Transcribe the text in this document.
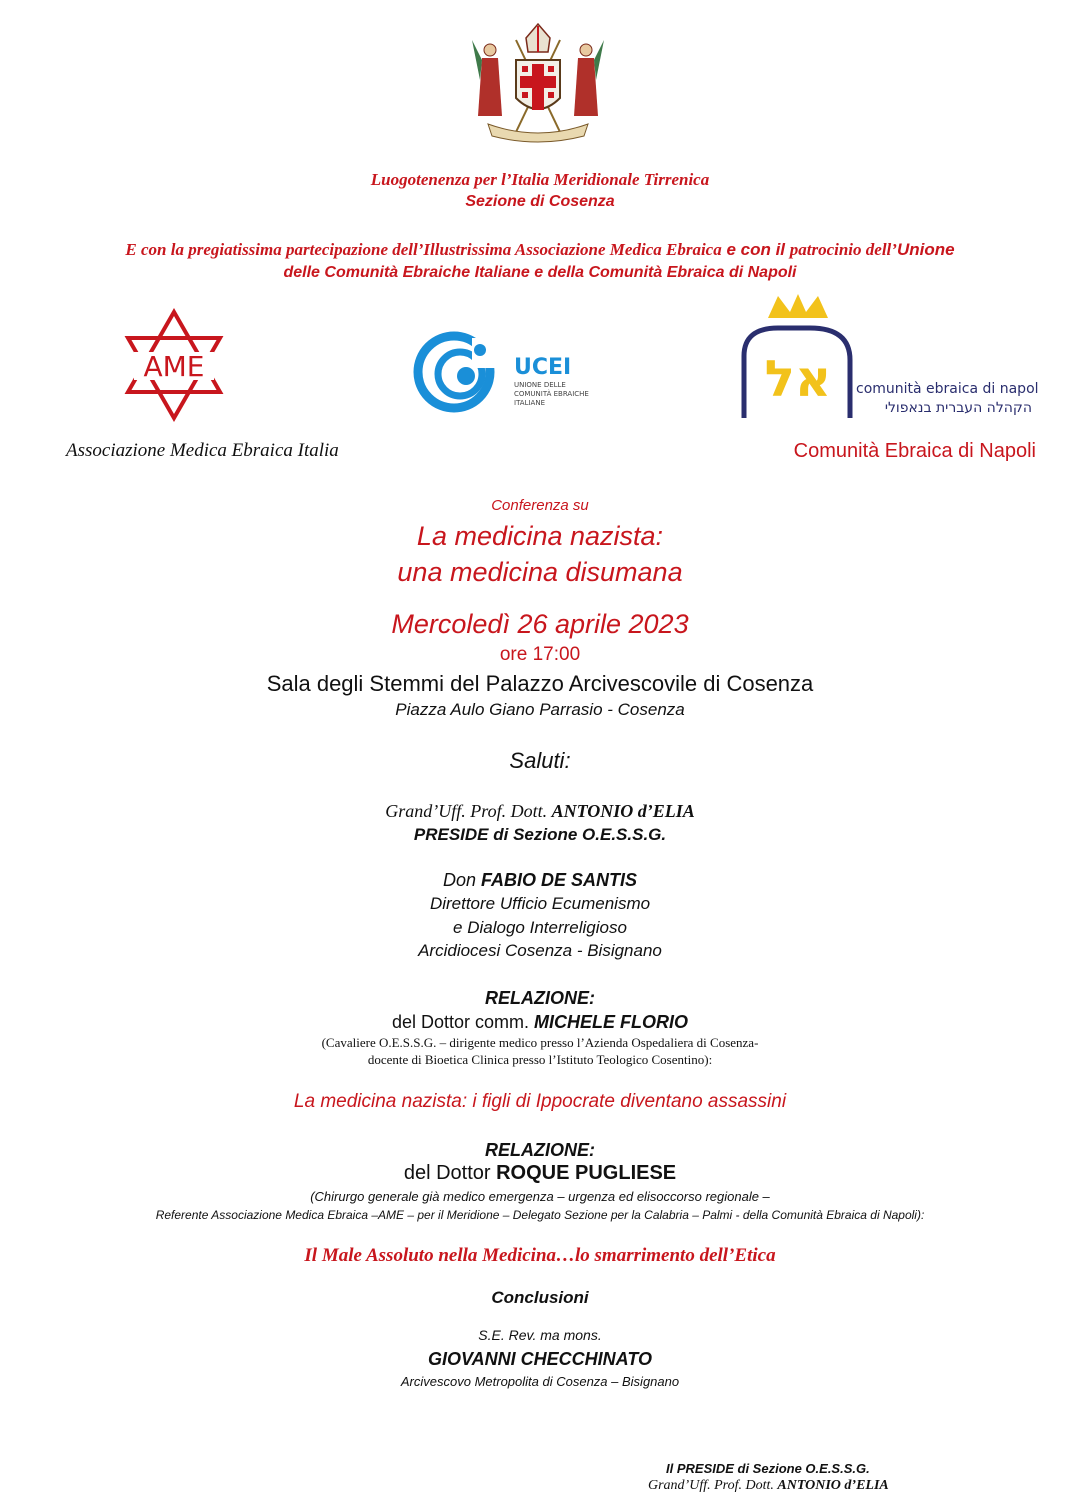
Luogotenenza per l’Italia Meridionale Tirrenica
Sezione di Cosenza
E con la pregiatissima partecipazione dell’Illustrissima Associazione Medica Ebraica e con il patrocinio dell’Unione
delle Comunità Ebraiche Italiane e della Comunità Ebraica di Napoli
AME
Associazione Medica Ebraica Italia
UCEI
UNIONE DELLE
COMUNITÀ EBRAICHE
ITALIANE	אל comunità ebraica di napoli
הקהלה העברית בנאפולי
Comunità Ebraica di Napoli
Conferenza su
La medicina nazista:
una medicina disumana
Mercoledì 26 aprile 2023
ore 17:00
Sala degli Stemmi del Palazzo Arcivescovile di Cosenza
Piazza Aulo Giano Parrasio - Cosenza
Saluti:
Grand’Uff. Prof. Dott. ANTONIO d’ELIA
PRESIDE di Sezione O.E.S.S.G.
Don FABIO DE SANTIS
Direttore Ufficio Ecumenismo
e Dialogo Interreligioso
Arcidiocesi Cosenza - Bisignano
RELAZIONE:
del Dottor comm. MICHELE FLORIO
(Cavaliere O.E.S.S.G. – dirigente medico presso l’Azienda Ospedaliera di Cosenza-
docente di Bioetica Clinica presso l’Istituto Teologico Cosentino):
La medicina nazista: i figli di Ippocrate diventano assassini
RELAZIONE:
del Dottor ROQUE PUGLIESE
(Chirurgo generale già medico emergenza – urgenza ed elisoccorso regionale –
Referente Associazione Medica Ebraica –AME – per il Meridione – Delegato Sezione per la Calabria – Palmi - della Comunità Ebraica di Napoli):
Il Male Assoluto nella Medicina…lo smarrimento dell’Etica
Conclusioni
S.E. Rev. ma mons.
GIOVANNI CHECCHINATO
Arcivescovo Metropolita di Cosenza – Bisignano
Il PRESIDE di Sezione O.E.S.S.G.
Grand’Uff. Prof. Dott. ANTONIO d’ELIA
